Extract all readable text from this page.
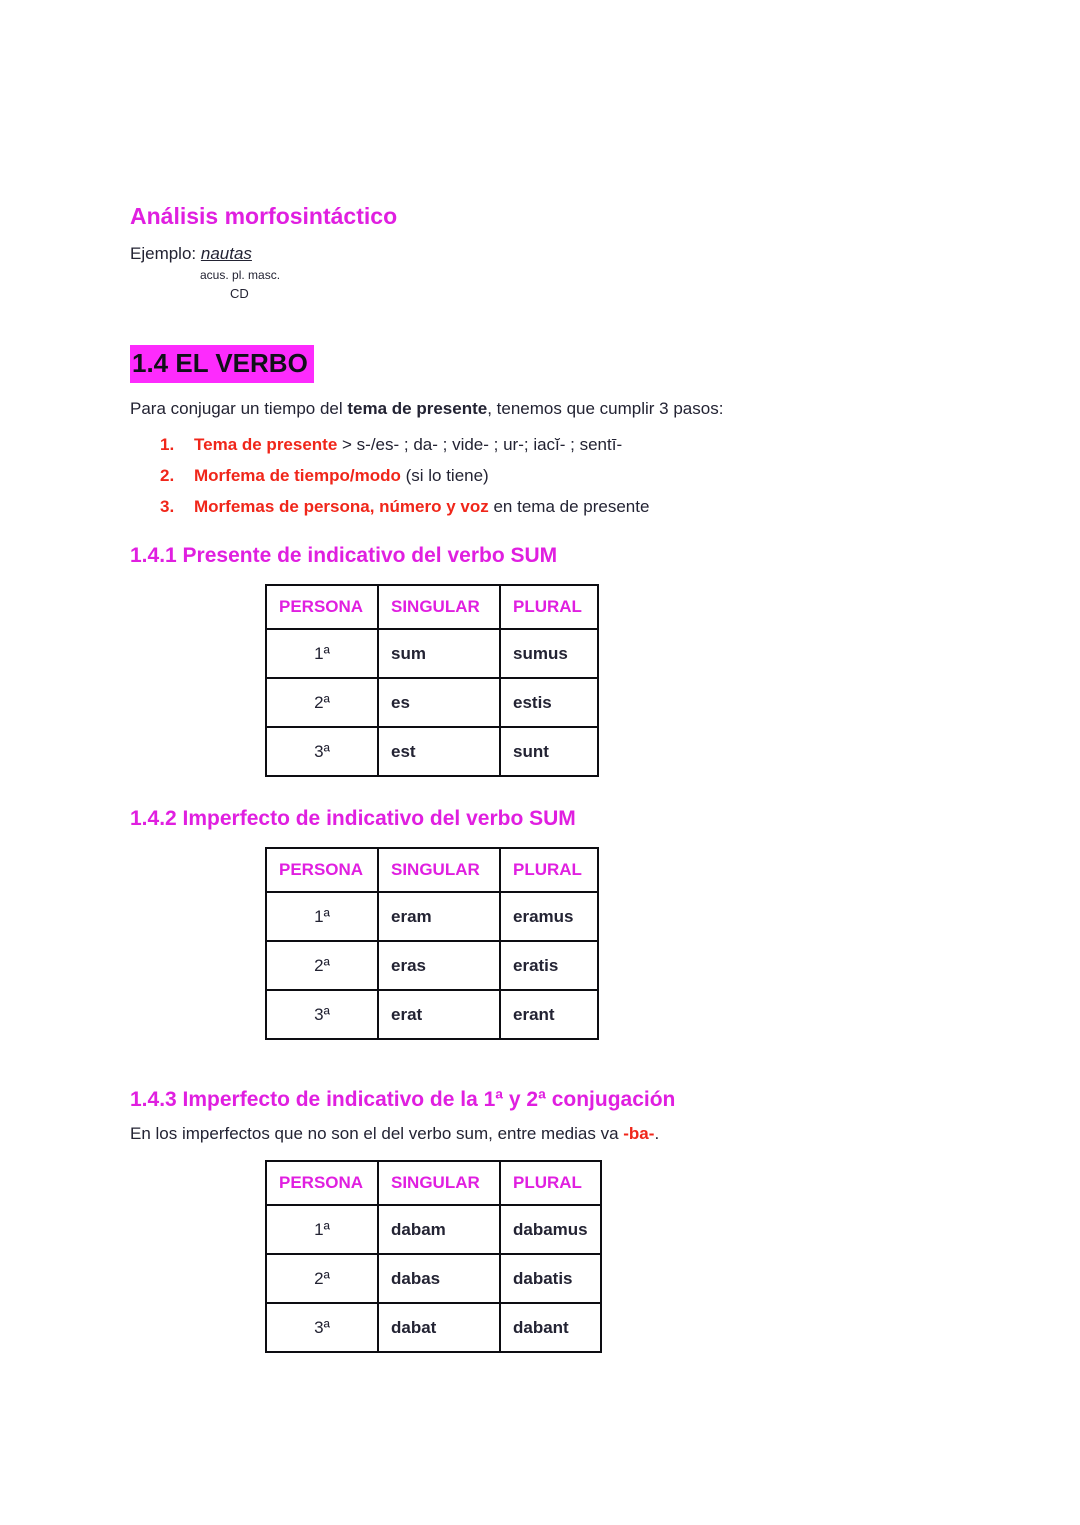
Análisis morfosintáctico

Ejemplo: nautas

acus. pl. masc.
CD
1.4 EL VERBO

Para conjugar un tiempo del tema de presente, tenemos que cumplir 3 pasos:

1. Tema de presente > s-/es- ; da- ; vide- ; ur-; iacĭ- ; sentī-
2. Morfema de tiempo/modo (si lo tiene)
3. Morfemas de persona, número y voz en tema de presente
1.4.1 Presente de indicativo del verbo SUM
PERSONA	SINGULAR	PLURAL
1ª	sum	sumus
2ª	es	estis
3ª	est	sunt
1.4.2 Imperfecto de indicativo del verbo SUM
PERSONA	SINGULAR	PLURAL
1ª	eram	eramus
2ª	eras	eratis
3ª	erat	erant
1.4.3 Imperfecto de indicativo de la 1ª y 2ª conjugación

En los imperfectos que no son el del verbo sum, entre medias va -ba-.

PERSONA	SINGULAR	PLURAL
1ª	dabam	dabamus
2ª	dabas	dabatis
3ª	dabat	dabant
